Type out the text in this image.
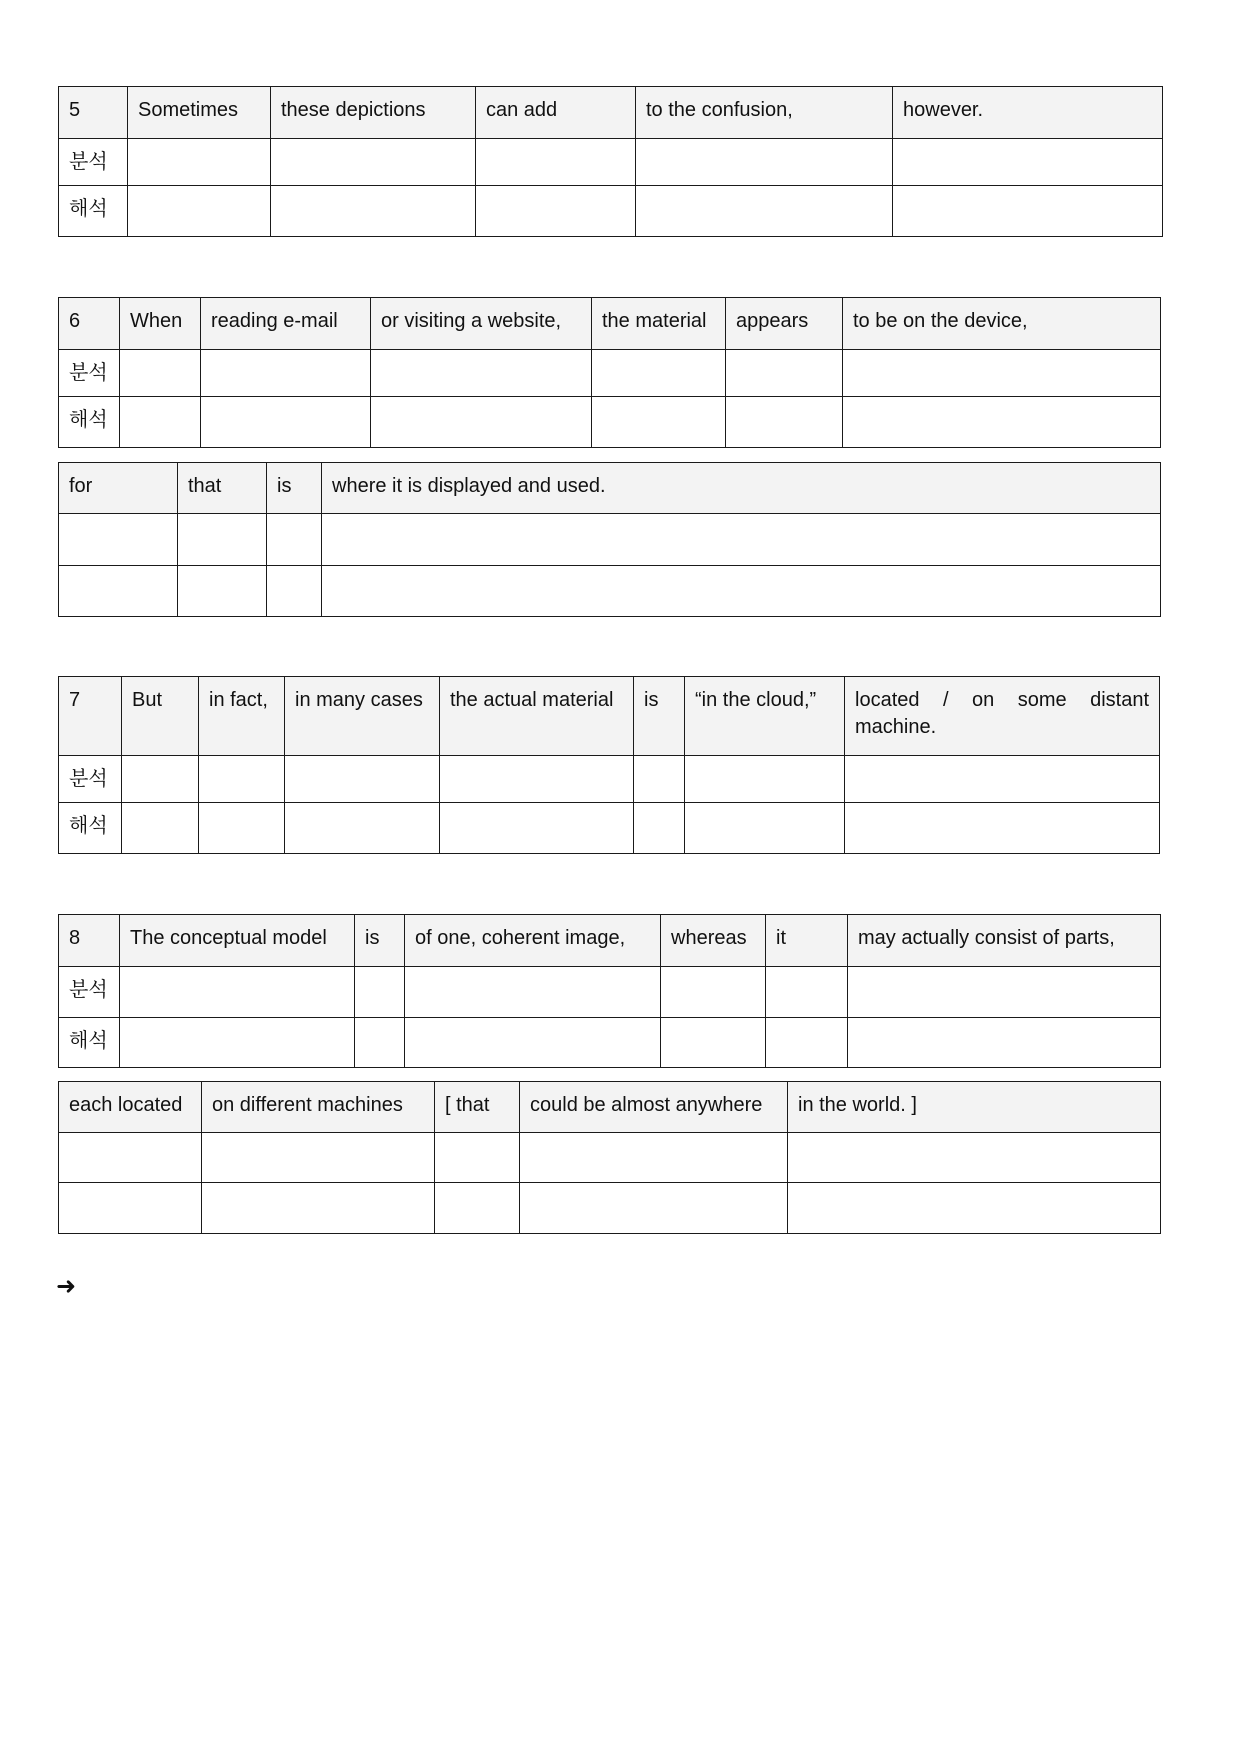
5	Sometimes	these depictions	can add	to the confusion,	however.
분석					
해석					
6	When	reading e-mail	or visiting a website,	the material	appears	to be on the device,
분석						
해석						
for	that	is	where it is displayed and used.

7	But	in fact,	in many cases	the actual material	is	“in the cloud,”	located / on some distant machine.
분석							
해석							
8	The conceptual model	is	of one, coherent image,	whereas	it	may actually consist of parts,
분석						
해석						
each located	on different machines	[ that	could be almost anywhere	in the world. ]

➜
